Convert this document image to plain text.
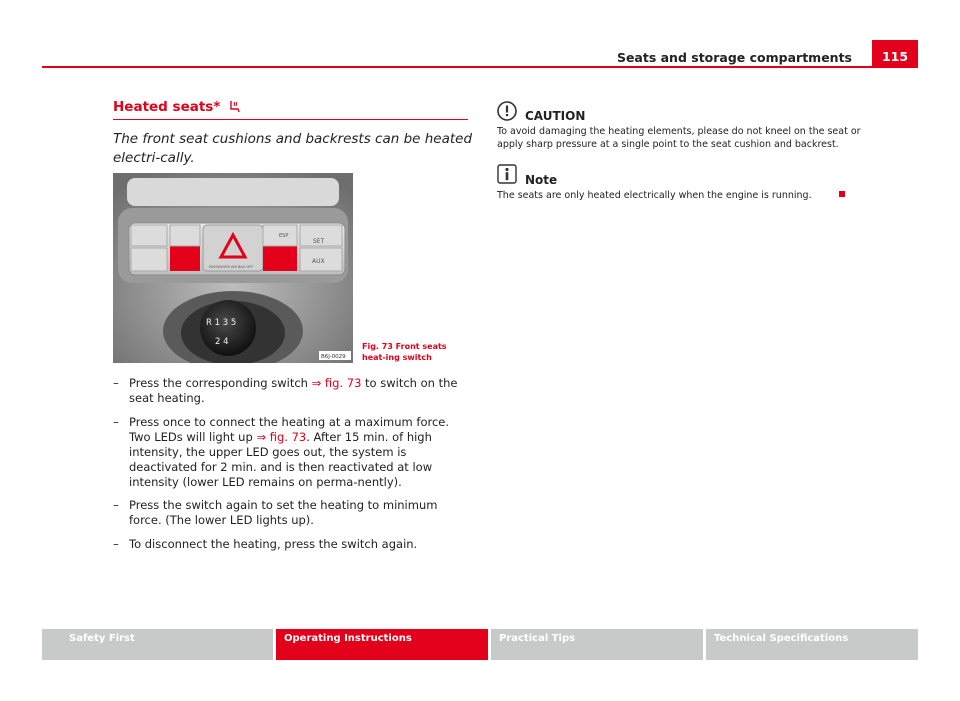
Seats and storage compartments	115
Heated seats*
The front seat cushions and backrests can be heated electri-cally.
ESP
SET
AUX
PASSENGER AIR BAG OFF
R 1 3 5
2 4
B6J-0029
Fig. 73 Front seats heat-ing switch
– Press the corresponding switch ⇒ fig. 73 to switch on the seat heating.
– Press once to connect the heating at a maximum force. Two LEDs will light up ⇒ fig. 73. After 15 min. of high intensity, the upper LED goes out, the system is deactivated for 2 min. and is then reactivated at low intensity (lower LED remains on perma-nently).
– Press the switch again to set the heating to minimum force. (The lower LED lights up).
– To disconnect the heating, press the switch again.
CAUTION
To avoid damaging the heating elements, please do not kneel on the seat or apply sharp pressure at a single point to the seat cushion and backrest.
Note
The seats are only heated electrically when the engine is running.
Safety First	Operating Instructions	Practical Tips	Technical Specifications
